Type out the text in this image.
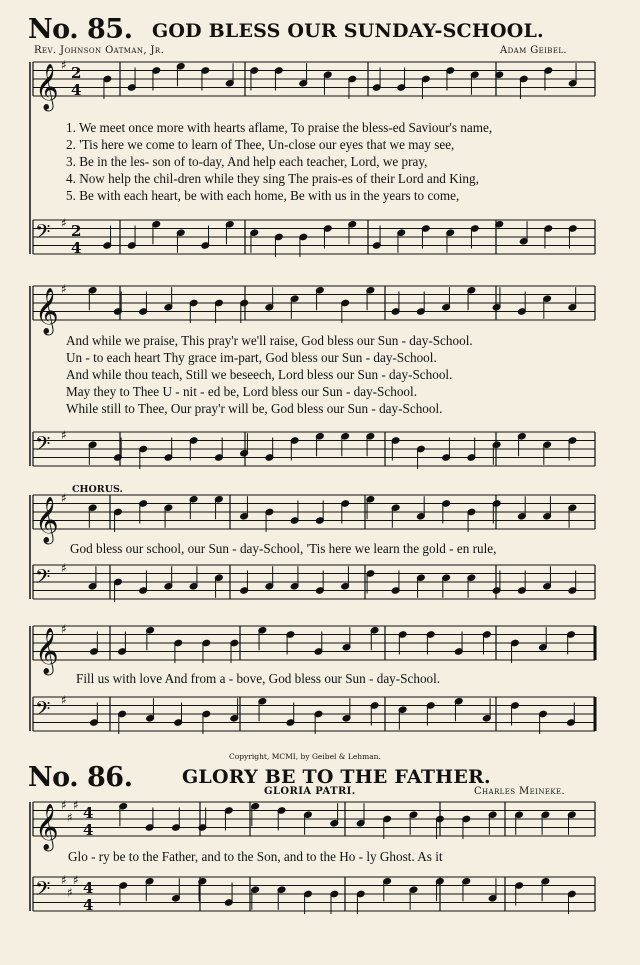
𝄞 ♯ 2
4
𝄢 ♯ 2
4
𝄞 ♯
𝄢 ♯
𝄞 ♯
𝄢 ♯
𝄞 ♯
𝄢 ♯
𝄞 ♯
♯
♯ 4
4
𝄢 ♯
♯
♯ 4
4
No. 85. GOD BLESS OUR SUNDAY-SCHOOL.
Rev. Johnson Oatman, Jr.	Adam Geibel.
1. We meet once more with hearts aflame, To praise the bless-ed Saviour's name,
2. 'Tis here we come to learn of Thee, Un-close our eyes that we may see,
3. Be in the les- son of to-day, And help each teacher, Lord, we pray,
4. Now help the chil-dren while they sing The prais-es of their Lord and King,
5. Be with each heart, be with each home, Be with us in the years to come,
And while we praise, This pray'r we'll raise, God bless our Sun - day-School.
Un - to each heart Thy grace im-part, God bless our Sun - day-School.
And while thou teach, Still we beseech, Lord bless our Sun - day-School.
May they to Thee U - nit - ed be, Lord bless our Sun - day-School.
While still to Thee, Our pray'r will be, God bless our Sun - day-School.
CHORUS.
God bless our school, our Sun - day-School, 'Tis here we learn the gold - en rule,
Fill us with love And from a - bove, God bless our Sun - day-School.
Copyright, MCMI, by Geibel & Lehman.
No. 86.	GLORY BE TO THE FATHER.
GLORIA PATRI.	Charles Meineke.
Glo - ry be to the Father, and to the Son, and to the Ho - ly Ghost. As it
